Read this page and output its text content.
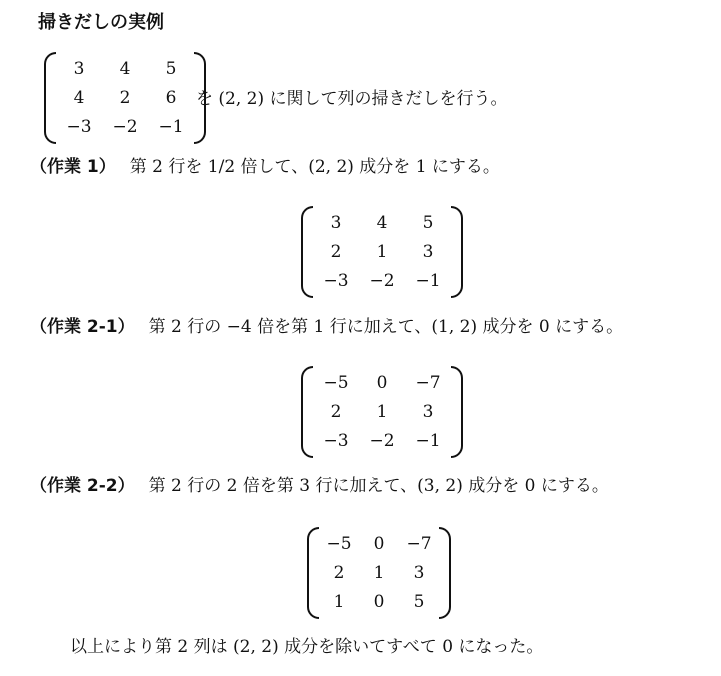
掃きだしの実例
3	4	5
4	2	6
−3	−2	−1
を (2, 2) に関して列の掃きだしを行う。
（作業 1） 第 2 行を 1/2 倍して、(2, 2) 成分を 1 にする。
3	4	5
2	1	3
−3	−2	−1
（作業 2-1） 第 2 行の −4 倍を第 1 行に加えて、(1, 2) 成分を 0 にする。
−5	0	−7
2	1	3
−3	−2	−1
（作業 2-2） 第 2 行の 2 倍を第 3 行に加えて、(3, 2) 成分を 0 にする。
−5	0	−7
2	1	3
1	0	5
以上により第 2 列は (2, 2) 成分を除いてすべて 0 になった。
